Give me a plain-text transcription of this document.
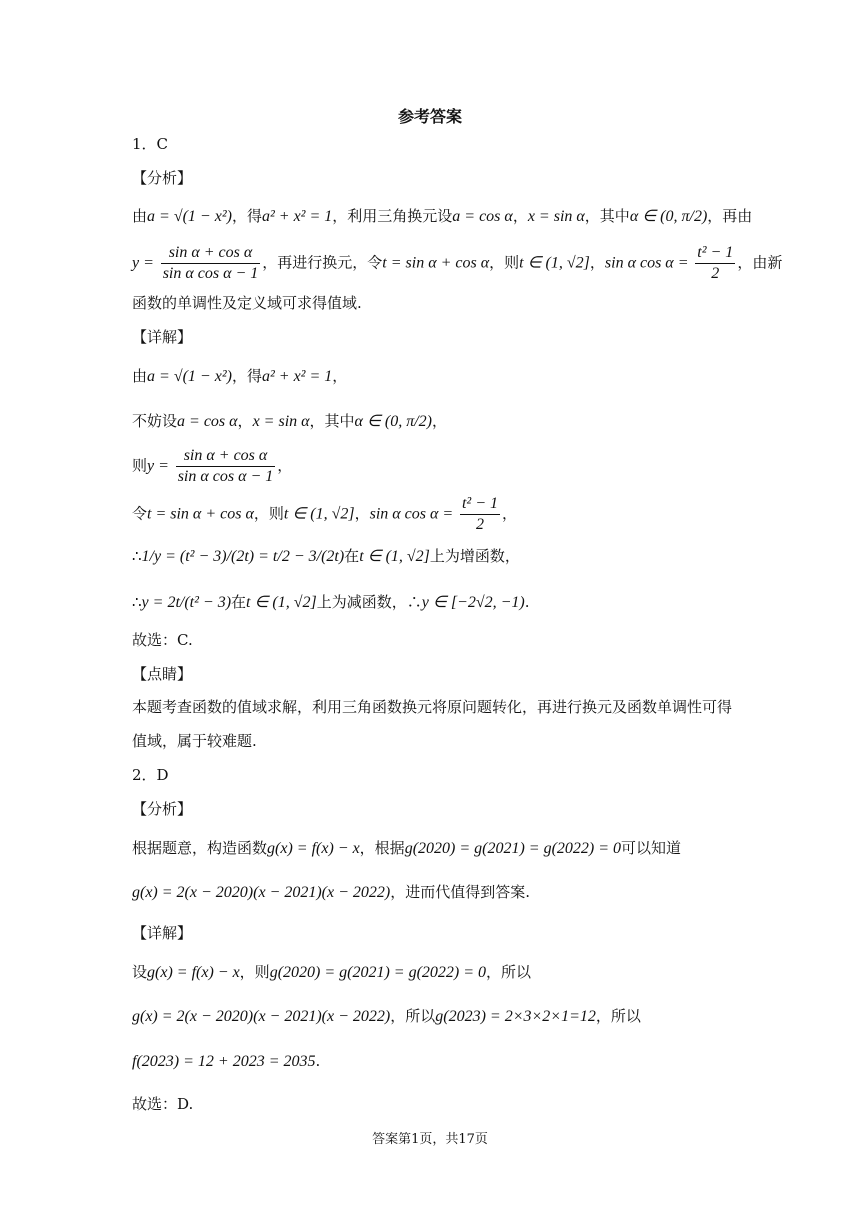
参考答案
1．C
【分析】
由a = √(1 − x²)，得a² + x² = 1，利用三角换元设a = cos α，x = sin α，其中α ∈ (0, π/2)，再由
$y = \frac{\text{sin α + cos α}}{\text{sin α cos α − 1}}$ ，再进行换元，令t = sin α + cos α，则t ∈ (1, √2]，sin α $\cos \alpha = \frac{\text{t² − 1}}{2}$ ，由新
函数的单调性及定义域可求得值域.
【详解】
由a = √(1 − x²)，得a² + x² = 1，
不妨设a = cos α，x = sin α，其中α ∈ (0, π/2)，
则$y = \frac{\text{sin α + cos α}}{\text{sin α cos α − 1}}$ ，
令t = sin α + cos α，则t ∈ (1, √2]，sin α $\cos \alpha = \frac{\text{t² − 1}}{2}$ ，
∴1/y = (t² − 3)/(2t) = t/2 − 3/(2t)在t ∈ (1, √2]上为增函数，
∴y = 2t/(t² − 3)在t ∈ (1, √2]上为减函数，∴y ∈ [−2√2, −1).
故选：C.
【点睛】
本题考查函数的值域求解，利用三角函数换元将原问题转化，再进行换元及函数单调性可得
值域，属于较难题.
2．D
【分析】
根据题意，构造函数g(x) = f(x) − x，根据g(2020) = g(2021) = g(2022) = 0可以知道
g(x) = 2(x − 2020)(x − 2021)(x − 2022)，进而代值得到答案.
【详解】
设g(x) = f(x) − x，则g(2020) = g(2021) = g(2022) = 0，所以
g(x) = 2(x − 2020)(x − 2021)(x − 2022)，所以g(2023) = 2×3×2×1=12，所以
f(2023) = 12 + 2023 = 2035.
故选：D.
答案第1页，共17页
